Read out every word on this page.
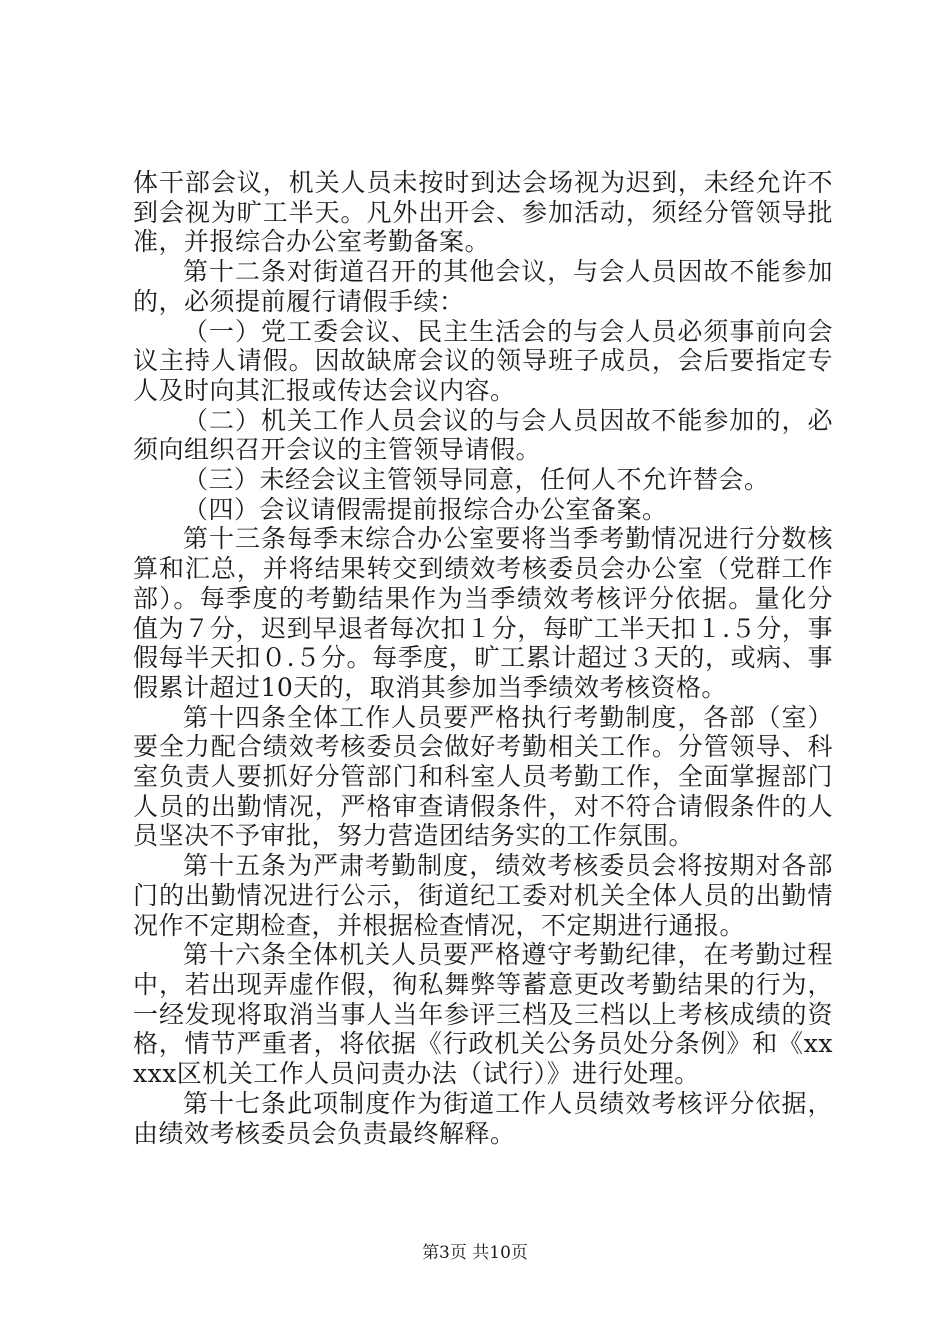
体干部会议，机关人员未按时到达会场视为迟到，未经允许不到会视为旷工半天。凡外出开会、参加活动，须经分管领导批准，并报综合办公室考勤备案。

第十二条对街道召开的其他会议，与会人员因故不能参加的，必须提前履行请假手续：

（一）党工委会议、民主生活会的与会人员必须事前向会议主持人请假。因故缺席会议的领导班子成员，会后要指定专人及时向其汇报或传达会议内容。

（二）机关工作人员会议的与会人员因故不能参加的，必须向组织召开会议的主管领导请假。

（三）未经会议主管领导同意，任何人不允许替会。

（四）会议请假需提前报综合办公室备案。

第十三条每季末综合办公室要将当季考勤情况进行分数核算和汇总，并将结果转交到绩效考核委员会办公室（党群工作部）。每季度的考勤结果作为当季绩效考核评分依据。量化分值为７分，迟到早退者每次扣１分，每旷工半天扣１.５分，事假每半天扣０.５分。每季度，旷工累计超过３天的，或病、事假累计超过10天的，取消其参加当季绩效考核资格。

第十四条全体工作人员要严格执行考勤制度，各部（室）要全力配合绩效考核委员会做好考勤相关工作。分管领导、科室负责人要抓好分管部门和科室人员考勤工作，全面掌握部门人员的出勤情况，严格审查请假条件，对不符合请假条件的人员坚决不予审批，努力营造团结务实的工作氛围。

第十五条为严肃考勤制度，绩效考核委员会将按期对各部门的出勤情况进行公示，街道纪工委对机关全体人员的出勤情况作不定期检查，并根据检查情况，不定期进行通报。

第十六条全体机关人员要严格遵守考勤纪律，在考勤过程中，若出现弄虚作假，徇私舞弊等蓄意更改考勤结果的行为，一经发现将取消当事人当年参评三档及三档以上考核成绩的资格，情节严重者，将依据《行政机关公务员处分条例》和《xxxxx区机关工作人员问责办法（试行）》进行处理。

第十七条此项制度作为街道工作人员绩效考核评分依据，由绩效考核委员会负责最终解释。

第3页 共10页
